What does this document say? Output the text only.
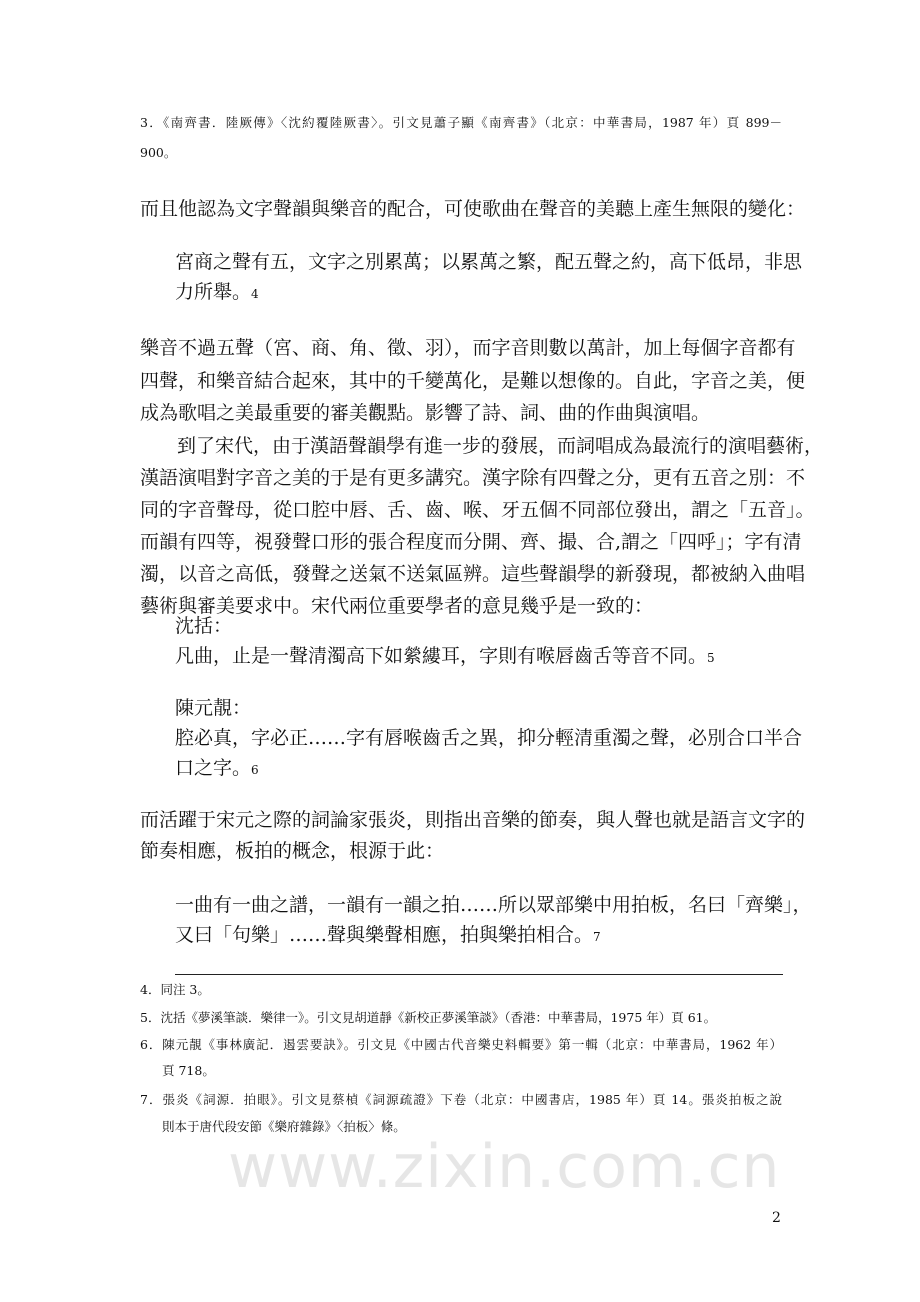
www.zixin.com.cn
3．《南齊書．陸厥傳》〈沈約覆陸厥書〉。引文見蕭子顯《南齊書》（北京：中華書局，1987 年）頁 899－
900。
而且他認為文字聲韻與樂音的配合，可使歌曲在聲音的美聽上產生無限的變化：
宮商之聲有五，文字之別累萬；以累萬之繁，配五聲之約，高下低昂，非思
力所舉。4
樂音不過五聲（宮、商、角、徵、羽），而字音則數以萬計，加上每個字音都有
四聲，和樂音結合起來，其中的千變萬化，是難以想像的。自此，字音之美，便
成為歌唱之美最重要的審美觀點。影響了詩、詞、曲的作曲與演唱。
到了宋代，由于漢語聲韻學有進一步的發展，而詞唱成為最流行的演唱藝術，
漢語演唱對字音之美的于是有更多講究。漢字除有四聲之分，更有五音之別：不
同的字音聲母，從口腔中唇、舌、齒、喉、牙五個不同部位發出，謂之「五音」。
而韻有四等，視發聲口形的張合程度而分開、齊、撮、合,謂之「四呼」；字有清
濁，以音之高低，發聲之送氣不送氣區辨。這些聲韻學的新發現，都被納入曲唱
藝術與審美要求中。宋代兩位重要學者的意見幾乎是一致的：
沈括：
凡曲，止是一聲清濁高下如縈縷耳，字則有喉唇齒舌等音不同。5
陳元靚：
腔必真，字必正……字有唇喉齒舌之異，抑分輕清重濁之聲，必別合口半合
口之字。6
而活躍于宋元之際的詞論家張炎，則指出音樂的節奏，與人聲也就是語言文字的
節奏相應，板拍的概念，根源于此：
一曲有一曲之譜，一韻有一韻之拍……所以眾部樂中用拍板，名曰「齊樂」，
又曰「句樂」……聲與樂聲相應，拍與樂拍相合。7
4．同注 3。
5．沈括《夢溪筆談．樂律一》。引文見胡道靜《新校正夢溪筆談》（香港：中華書局，1975 年）頁 61。
6．陳元靚《事林廣記．遏雲要訣》。引文見《中國古代音樂史料輯要》第一輯（北京：中華書局，1962 年）
頁 718。
7．張炎《詞源．拍眼》。引文見蔡楨《詞源疏證》下卷（北京：中國書店，1985 年）頁 14。張炎拍板之說
則本于唐代段安節《樂府雜錄》〈拍板〉條。
2
